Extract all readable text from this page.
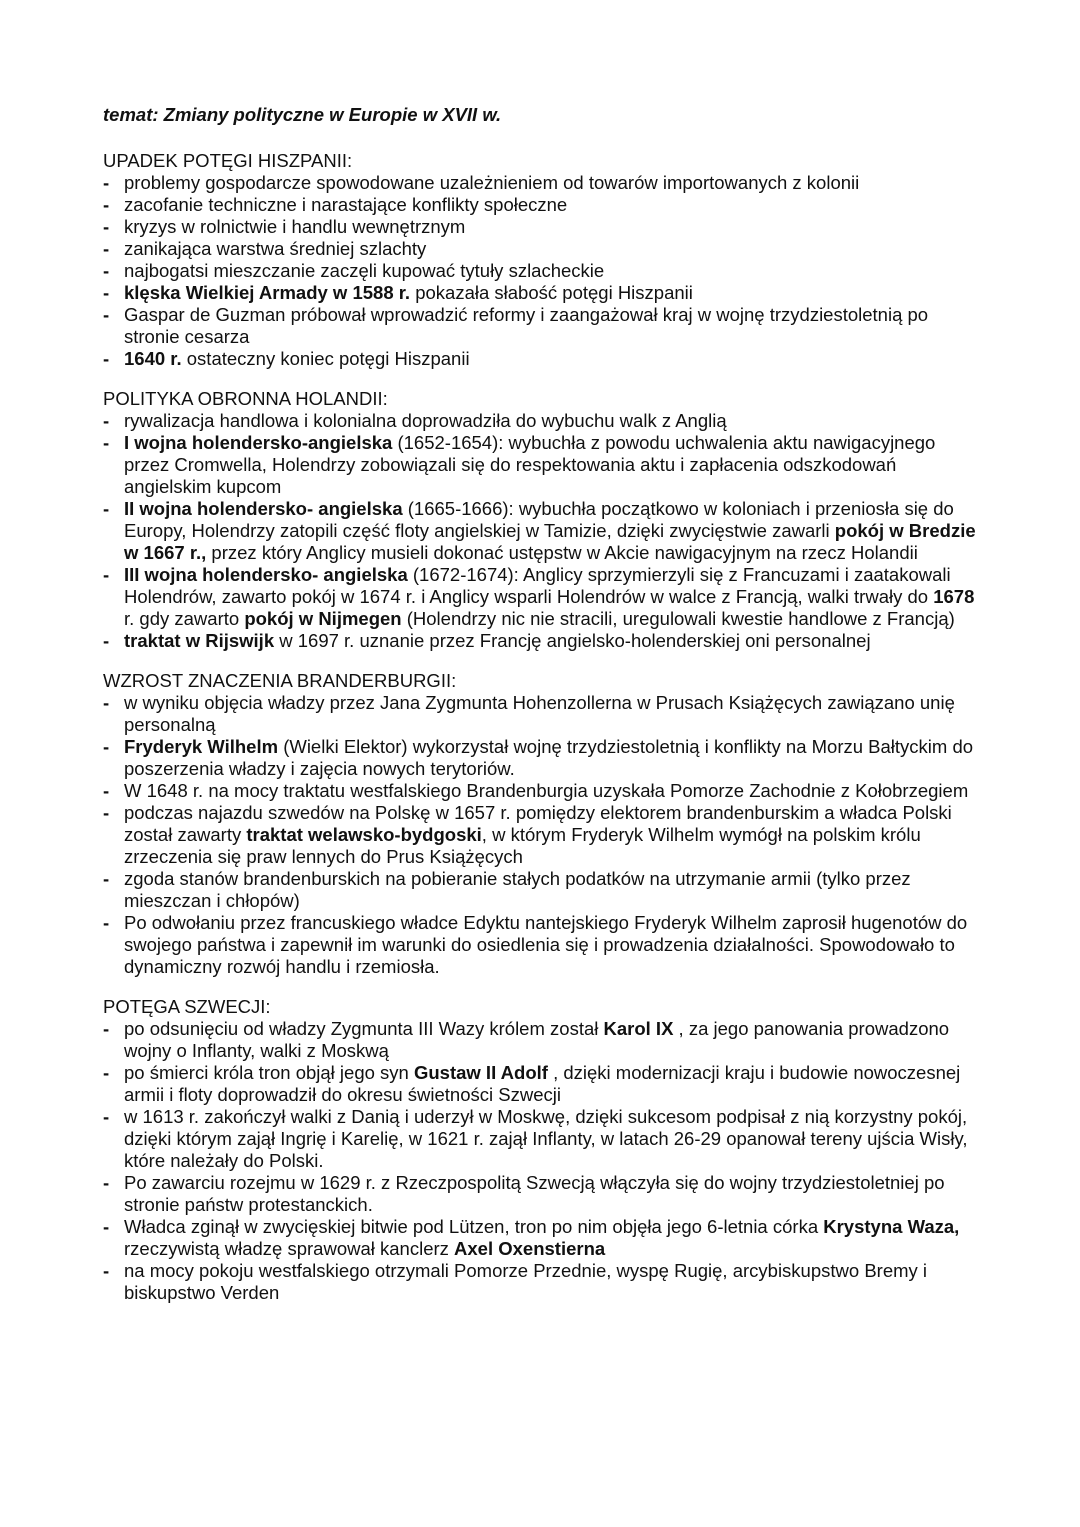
temat: Zmiany polityczne w Europie w XVII w.

UPADEK POTĘGI HISZPANII:

- problemy gospodarcze spowodowane uzależnieniem od towarów importowanych z kolonii
- zacofanie techniczne i narastające konflikty społeczne
- kryzys w rolnictwie i handlu wewnętrznym
- zanikająca warstwa średniej szlachty
- najbogatsi mieszczanie zaczęli kupować tytuły szlacheckie
- klęska Wielkiej Armady w 1588 r. pokazała słabość potęgi Hiszpanii
- Gaspar de Guzman próbował wprowadzić reformy i zaangażował kraj w wojnę trzydziestoletnią po stronie cesarza
- 1640 r. ostateczny koniec potęgi Hiszpanii

POLITYKA OBRONNA HOLANDII:

- rywalizacja handlowa i kolonialna doprowadziła do wybuchu walk z Anglią
- I wojna holendersko-angielska (1652-1654): wybuchła z powodu uchwalenia aktu nawigacyjnego przez Cromwella, Holendrzy zobowiązali się do respektowania aktu i zapłacenia odszkodowań angielskim kupcom
- II wojna holendersko- angielska (1665-1666): wybuchła początkowo w koloniach i przeniosła się do Europy, Holendrzy zatopili część floty angielskiej w Tamizie, dzięki zwycięstwie zawarli pokój w Bredzie w 1667 r., przez który Anglicy musieli dokonać ustępstw w Akcie nawigacyjnym na rzecz Holandii
- III wojna holendersko- angielska (1672-1674): Anglicy sprzymierzyli się z Francuzami i zaatakowali Holendrów, zawarto pokój w 1674 r. i Anglicy wsparli Holendrów w walce z Francją, walki trwały do 1678 r. gdy zawarto pokój w Nijmegen (Holendrzy nic nie stracili, uregulowali kwestie handlowe z Francją)
- traktat w Rijswijk w 1697 r. uznanie przez Francję angielsko-holenderskiej oni personalnej

WZROST ZNACZENIA BRANDERBURGII:

- w wyniku objęcia władzy przez Jana Zygmunta Hohenzollerna w Prusach Książęcych zawiązano unię personalną
- Fryderyk Wilhelm (Wielki Elektor) wykorzystał wojnę trzydziestoletnią i konflikty na Morzu Bałtyckim do poszerzenia władzy i zajęcia nowych terytoriów.
- W 1648 r. na mocy traktatu westfalskiego Brandenburgia uzyskała Pomorze Zachodnie z Kołobrzegiem
- podczas najazdu szwedów na Polskę w 1657 r. pomiędzy elektorem brandenburskim a władca Polski został zawarty traktat welawsko-bydgoski, w którym Fryderyk Wilhelm wymógł na polskim królu zrzeczenia się praw lennych do Prus Książęcych
- zgoda stanów brandenburskich na pobieranie stałych podatków na utrzymanie armii (tylko przez mieszczan i chłopów)
- Po odwołaniu przez francuskiego władce Edyktu nantejskiego Fryderyk Wilhelm zaprosił hugenotów do swojego państwa i zapewnił im warunki do osiedlenia się i prowadzenia działalności. Spowodowało to dynamiczny rozwój handlu i rzemiosła.

POTĘGA SZWECJI:

- po odsunięciu od władzy Zygmunta III Wazy królem został Karol IX , za jego panowania prowadzono wojny o Inflanty, walki z Moskwą
- po śmierci króla tron objął jego syn Gustaw II Adolf , dzięki modernizacji kraju i budowie nowoczesnej armii i floty doprowadził do okresu świetności Szwecji
- w 1613 r. zakończył walki z Danią i uderzył w Moskwę, dzięki sukcesom podpisał z nią korzystny pokój, dzięki którym zajął Ingrię i Karelię, w 1621 r. zajął Inflanty, w latach 26-29 opanował tereny ujścia Wisły, które należały do Polski.
- Po zawarciu rozejmu w 1629 r. z Rzeczpospolitą Szwecją włączyła się do wojny trzydziestoletniej po stronie państw protestanckich.
- Władca zginął w zwycięskiej bitwie pod Lützen, tron po nim objęła jego 6-letnia córka Krystyna Waza, rzeczywistą władzę sprawował kanclerz Axel Oxenstierna
- na mocy pokoju westfalskiego otrzymali Pomorze Przednie, wyspę Rugię, arcybiskupstwo Bremy i biskupstwo Verden
